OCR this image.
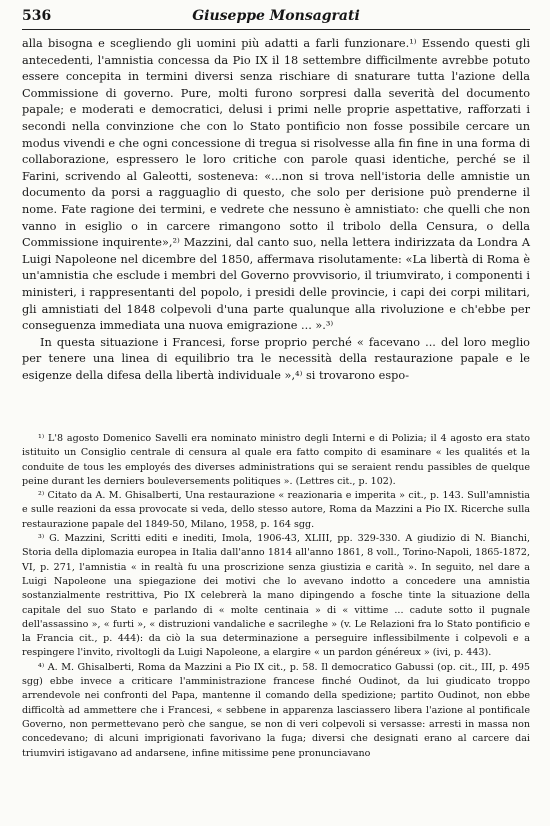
536	Giuseppe Monsagrati

alla bisogna e scegliendo gli uomini più adatti a farli funzionare.¹⁾ Essendo questi gli antecedenti, l'amnistia concessa da Pio IX il 18 settembre difficilmente avrebbe potuto essere concepita in termini diversi senza rischiare di snaturare tutta l'azione della Commissione di governo. Pure, molti furono sorpresi dalla severità del documento papale; e moderati e democratici, delusi i primi nelle proprie aspettative, rafforzati i secondi nella convinzione che con lo Stato pontificio non fosse possibile cercare un modus vivendi e che ogni concessione di tregua si risolvesse alla fin fine in una forma di collaborazione, espressero le loro critiche con parole quasi identiche, perché se il Farini, scrivendo al Galeotti, sosteneva: «...non si trova nell'istoria delle amnistie un documento da porsi a ragguaglio di questo, che solo per derisione può prenderne il nome. Fate ragione dei termini, e vedrete che nessuno è amnistiato: che quelli che non vanno in esiglio o in carcere rimangono sotto il tribolo della Censura, o della Commissione inquirente»,²⁾ Mazzini, dal canto suo, nella lettera indirizzata da Londra A Luigi Napoleone nel dicembre del 1850, affermava risolutamente: «La libertà di Roma è un'amnistia che esclude i membri del Governo provvisorio, il triumvirato, i componenti i ministeri, i rappresentanti del popolo, i presidi delle provincie, i capi dei corpi militari, gli amnistiati del 1848 colpevoli d'una parte qualunque alla rivoluzione e ch'ebbe per conseguenza immediata una nuova emigrazione ... ».³⁾

In questa situazione i Francesi, forse proprio perché « facevano ... del loro meglio per tenere una linea di equilibrio tra le necessità della restaurazione papale e le esigenze della difesa della libertà individuale »,⁴⁾ si trovarono espo-

¹⁾ L'8 agosto Domenico Savelli era nominato ministro degli Interni e di Polizia; il 4 agosto era stato istituito un Consiglio centrale di censura al quale era fatto compito di esaminare « les qualités et la conduite de tous les employés des diverses administrations qui se seraient rendu passibles de quelque peine durant les derniers bouleversements politiques ». (Lettres cit., p. 102).

²⁾ Citato da A. M. Ghisalberti, Una restaurazione « reazionaria e imperita » cit., p. 143. Sull'amnistia e sulle reazioni da essa provocate si veda, dello stesso autore, Roma da Mazzini a Pio IX. Ricerche sulla restaurazione papale del 1849-50, Milano, 1958, p. 164 sgg.

³⁾ G. Mazzini, Scritti editi e inediti, Imola, 1906-43, XLIII, pp. 329-330. A giudizio di N. Bianchi, Storia della diplomazia europea in Italia dall'anno 1814 all'anno 1861, 8 voll., Torino-Napoli, 1865-1872, VI, p. 271, l'amnistia « in realtà fu una proscrizione senza giustizia e carità ». In seguito, nel dare a Luigi Napoleone una spiegazione dei motivi che lo avevano indotto a concedere una amnistia sostanzialmente restrittiva, Pio IX celebrerà la mano dipingendo a fosche tinte la situazione della capitale del suo Stato e parlando di « molte centinaia » di « vittime ... cadute sotto il pugnale dell'assassino », « furti », « distruzioni vandaliche e sacrileghe » (v. Le Relazioni fra lo Stato pontificio e la Francia cit., p. 444): da ciò la sua determinazione a perseguire inflessibilmente i colpevoli e a respingere l'invito, rivoltogli da Luigi Napoleone, a elargire « un pardon généreux » (ivi, p. 443).

⁴⁾ A. M. Ghisalberti, Roma da Mazzini a Pio IX cit., p. 58. Il democratico Gabussi (op. cit., III, p. 495 sgg) ebbe invece a criticare l'amministrazione francese finché Oudinot, da lui giudicato troppo arrendevole nei confronti del Papa, mantenne il comando della spedizione; partito Oudinot, non ebbe difficoltà ad ammettere che i Francesi, « sebbene in apparenza lasciassero libera l'azione al pontificale Governo, non permettevano però che sangue, se non di veri colpevoli si versasse: arresti in massa non concedevano; di alcuni imprigionati favorivano la fuga; diversi che designati erano al carcere dai triumviri istigavano ad andarsene, infine mitissime pene pronunciavano
